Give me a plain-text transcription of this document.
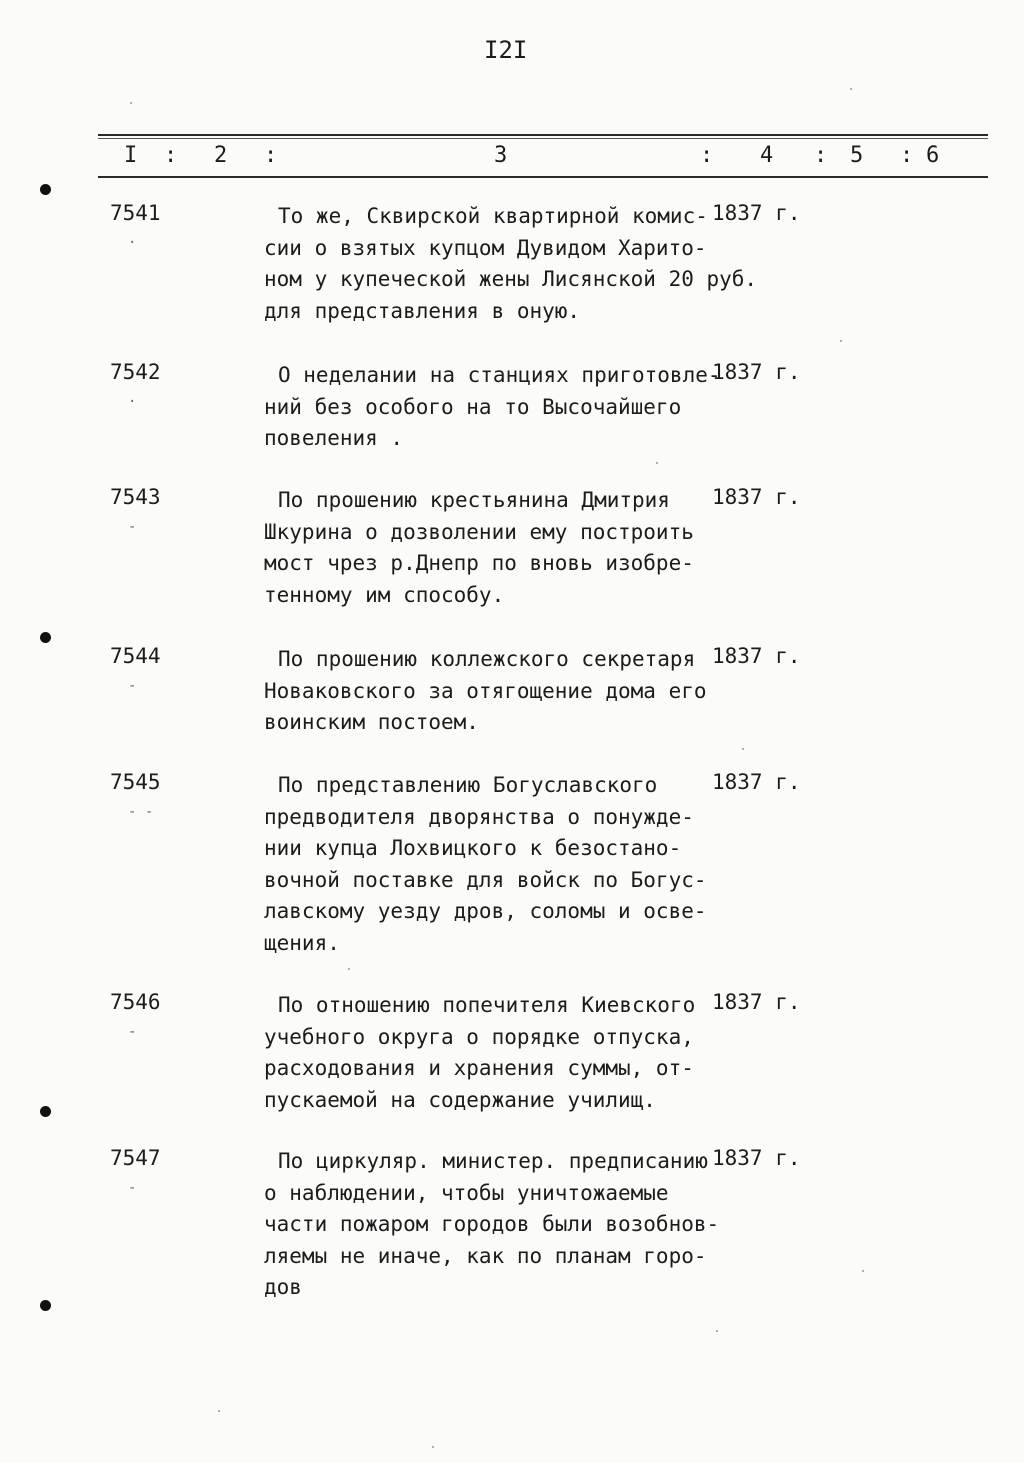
I2I
I : 2 :	3	: 4 : 5 : 6
7541
·
То же, Сквирской квартирной комис-
сии о взятых купцом Дувидом Харито-
ном у купеческой жены Лисянской 20 руб.
для представления в оную.
1837 г.
7542
·
О неделании на станциях приготовле-
ний без особого на то Высочайшего
повеления .
1837 г.
7543
-
По прошению крестьянина Дмитрия
Шкурина о дозволении ему построить
мост чрез р.Днепр по вновь изобре-
тенному им способу.
1837 г.
7544
-
По прошению коллежского секретаря
Новаковского за отягощение дома его
воинским постоем.
1837 г.
7545
- -
По представлению Богуславского
предводителя дворянства о понужде-
нии купца Лохвицкого к безостано-
вочной поставке для войск по Богус-
лавскому уезду дров, соломы и осве-
щения.
1837 г.
7546
-
По отношению попечителя Киевского
учебного округа о порядке отпуска,
расходования и хранения суммы, от-
пускаемой на содержание училищ.
1837 г.
7547
-
По циркуляр. министер. предписанию
о наблюдении, чтобы уничтожаемые
части пожаром городов были возобнов-
ляемы не иначе, как по планам горо-
дов
1837 г.
